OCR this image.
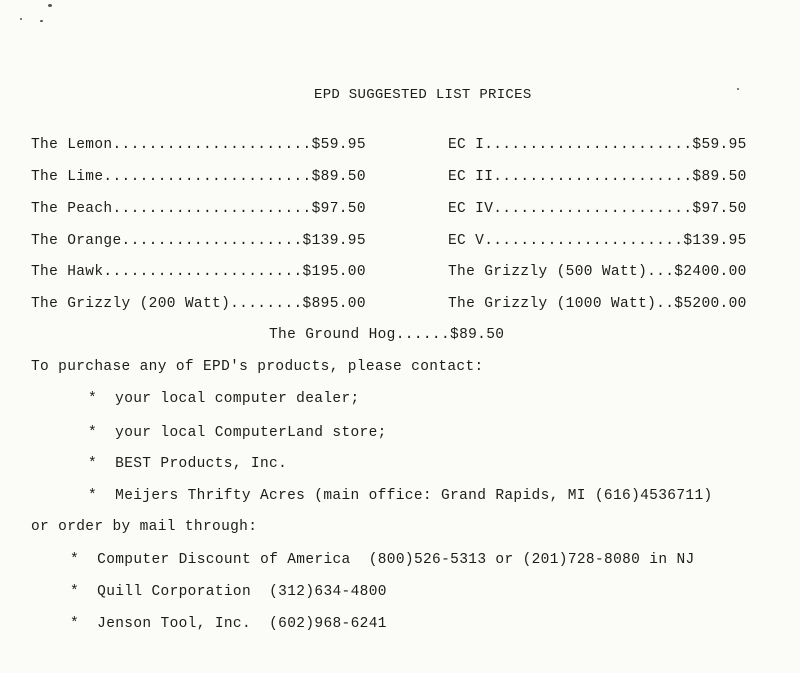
EPD SUGGESTED LIST PRICES
The Lemon......................$59.95
The Lime.......................$89.50
The Peach......................$97.50
The Orange....................$139.95
The Hawk......................$195.00
The Grizzly (200 Watt)........$895.00
EC I.......................$59.95
EC II......................$89.50
EC IV......................$97.50
EC V......................$139.95
The Grizzly (500 Watt)...$2400.00
The Grizzly (1000 Watt)..$5200.00
The Ground Hog......$89.50
To purchase any of EPD's products, please contact:
*  your local computer dealer;
*  your local ComputerLand store;
*  BEST Products, Inc.
*  Meijers Thrifty Acres (main office: Grand Rapids, MI (616)4536711)
or order by mail through:
*  Computer Discount of America  (800)526-5313 or (201)728-8080 in NJ
*  Quill Corporation  (312)634-4800
*  Jenson Tool, Inc.  (602)968-6241
